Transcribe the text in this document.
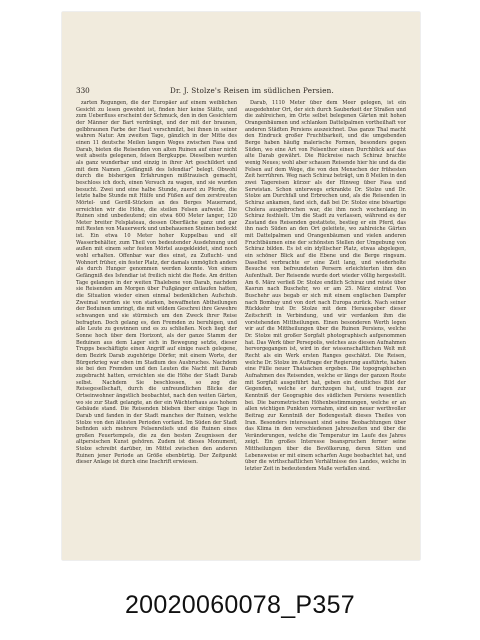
330	Dr. J. Stolze's Reisen im südlichen Persien.

zarten Regungen, die der Europäer auf einem weiblichen Gesicht zu lesen gewohnt ist, finden hier keine Stätte, und zum Ueberfluss erscheint der Schmuck, den in den Gesichtern der Männer der Bart verdrängt, und der mit der braunen, gelbbraunen Farbe der Haut verschmilzt, bei ihnen in seiner wahren Natur. Am zweiten Tage, gänzlich in der Mitte des einen 11 deutsche Meilen langen Weges zwischen Fasa und Darab, bieten die Reisenden von alten Ruinen auf einer nicht weit abseits gelegenen, felsen Bergkuppe. Dieselben wurden als ganz wunderbar und einzig in ihrer Art geschildert und mit dem Namen „Gefängniß des Isfendiar“ belegt. Obwohl durch die bisherigen Erfahrungen mißtrauisch gemacht, beschloss ich doch, einen Versuch zu wagen, und sie wurden besucht. Zwei und eine halbe Stunde, zuerst zu Pferde, die letzte halbe Stunde mit Hülfe und Füßen auf den zerstreuten Mörtel- und Geröll-Stücken an des Berges Mauerrand, erreichten wir die Höhe, die steilen Felsen aufweist. Die Ruinen sind unbedeutend; ein etwa 600 Meter langer, 120 Meter breiter Felsplateau, dessen Oberfläche ganz und gar mit Resten von Mauerwerk und unbehauenen Steinen bedeckt ist. Ein etwa 10 Meter hoher Kuppelbau und elf Wasserbehälter, zum Theil von bedeutender Ausdehnung und außen mit einem sehr festen Mörtel ausgekleidet, sind noch wohl erhalten. Offenbar war dies einst, zu Zuflucht- und Wohnort früher, ein fester Platz, der damals unmöglich anders als durch Hunger genommen werden konnte. Von einem Gefängniß des Isfendiar ist freilich nicht die Rede. Am dritten Tage gelangen in der weiten Thalebene von Darab, nachdem sie Reisenden am Morgen über Fußgänger entlaufen hatten, die Situation wieder einen einmal bedenklichen Aufschub. Zweimal wurden sie von starken, bewaffneten Abtheilungen der Beduinen umringt, die mit wildem Geschrei ihre Gewehre schwangen und sie stürmisch um den Zweck ihrer Reise befragten. Doch gelang es, den Fremden zu beruhigen, und alle Leute zu gewinnen und es zu schließen. Noch liegt der Sonne hoch über dem Horizont, als der ganze Stamm der Beduinen aus dem Lager sich in Bewegung setzte, dieser Trupps beschäftigte einen Angriff auf einige rasch gelegene, dem Bezirk Darab zugehörige Dörfer, mit einem Worte, der Bürgerkrieg war eben im Stadium des Ausbruches. Nachdem sie bei den Fremden und den Leuten die Nacht mit Darab zugebracht hatten, erreichten sie die Höhe der Stadt Darab selbst. Nachdem Sie beschlossen, so zog die Reisegesellschaft, durch die unfreundlichen Blicke der Ortseinwohner ängstlich beobachtet, nach den weiten Gärten, wo sie zur Stadt gelangte, an der ein Wächterhaus aus hohem Gebäude stand. Die Reisenden blieben über einige Tage in Darab und fanden in der Stadt manches der Ruinen, welche Stolze von den ältesten Perioden vorfand. Im Süden der Stadt befinden sich mehrere Felsenreliefs und die Ruinen eines großen Feuertempels, die zu den besten Zeugnissen der altpersischen Kunst gehören. Zudem ist dieses Monument, Stolze schreibt darüber, im Mittel zwischen den anderen Ruinen jener Periode an Größe ebenbürtig. Der Zeitpunkt dieser Anlage ist durch eine Inschrift erwiesen.

Darab, 1110 Meter über dem Meer gelegen, ist ein ausgedehnter Ort, der sich durch Sauberkeit der Straßen und die zahlreichen, im Orte selbst belegenen Gärten mit hohen Orangenbäumen und schlanken Dattelpalmen vortheilhaft vor anderen Städten Persiens auszeichnet. Das ganze Thal macht den Eindruck großer Fruchtbarkeit, und die umgebenden Berge haben häufig malerische Formen, besonders gegen Süden, wo eine Art von Felsenthor einen Durchblick auf das alte Darab gewährt. Die Rückreise nach Schiraz brachte wenig Neues; wohl aber schauen Reisende hier hie und da die Felsen auf dem Wege, die von den Menschen der frühesten Zeit herrühren. Weg nach Schiraz beträgt, um 8 Meilen in den zwei Tagereisen kürzer als der Hinweg über Fasa und Serwistan. Schon unterwegs erkrankte Dr. Stolze und Dr. Stolze am Durchfall und Erbrechen und, als die Reisenden in Schiraz ankamen, fand sich, daß bei Dr. Stolze eine bösartige Cholera ausgebrochen war, die ihm noch wochenlang in Schiraz festhielt. Um die Stadt zu verlassen, während es der Zustand des Reisenden gestattete, bestieg er ein Pferd, das ihn nach Süden an den Ort geleitete, wo zahlreiche Gärten mit Dattelpalmen und Orangenbäumen und vielen anderen Fruchtbäumen eine der schönsten Stellen der Umgebung von Schiraz bilden. Es ist ein idyllischer Platz, etwas abgelegen, ein schöner Blick auf die Ebene und die Berge ringsum. Daselbst verbrachte er eine Zeit lang, und wiederholte Besuche von befreundeten Persern erleichterten ihm den Aufenthalt. Der Reisende wurde dort wieder völlig hergestellt. Am 6. März verließ Dr. Stolze endlich Schiraz und reiste über Kasrun nach Buschehr, wo er am 25. März eintraf. Von Buschehr aus begab er sich mit einem englischen Dampfer nach Bombay und von dort nach Europa zurück. Nach seiner Rückkehr trat Dr. Stolze mit dem Herausgeber dieser Zeitschrift in Verbindung, und wir verdanken ihm die vorstehenden Mittheilungen. Einen besonderen Werth legen wir auf die Mittheilungen über die Ruinen Persiens, welche Dr. Stolze mit großer Sorgfalt photographisch aufgenommen hat. Das Werk über Persepolis, welches aus diesen Aufnahmen hervorgegangen ist, wird in der wissenschaftlichen Welt mit Recht als ein Werk ersten Ranges geschätzt. Die Reisen, welche Dr. Stolze im Auftrage der Regierung ausführte, haben eine Fülle neuer Thatsachen ergeben. Die topographischen Aufnahmen des Reisenden, welche er längs der ganzen Route mit Sorgfalt ausgeführt hat, geben ein deutliches Bild der Gegenden, welche er durchzogen hat, und tragen zur Kenntniß der Geographie des südlichen Persiens wesentlich bei. Die barometrischen Höhenbestimmungen, welche er an allen wichtigen Punkten vornahm, sind ein neuer werthvoller Beitrag zur Kenntniß der Bodengestalt dieses Theiles von Iran. Besonders interessant sind seine Beobachtungen über das Klima in den verschiedenen Jahreszeiten und über die Veränderungen, welche die Temperatur im Laufe des Jahres zeigt. Ein großes Interesse beanspruchen ferner seine Mittheilungen über die Bevölkerung, deren Sitten und Lebensweise er mit einem scharfen Auge beobachtet hat, und über die wirthschaftlichen Verhältnisse des Landes, welche in letzter Zeit in bedeutendem Maße verfallen sind.

20020060078_P357
